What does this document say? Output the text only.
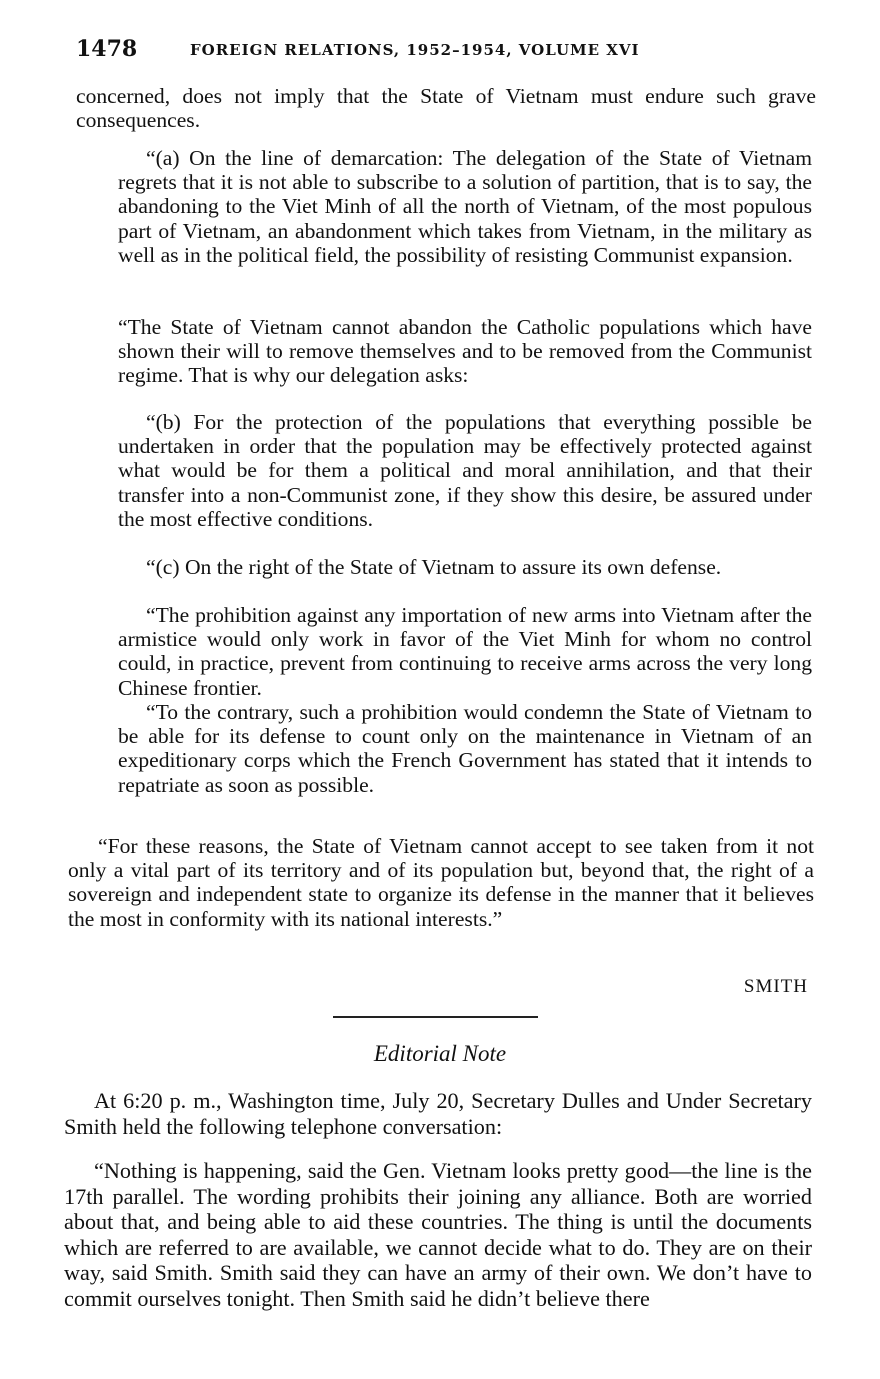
1478	FOREIGN RELATIONS, 1952–1954, VOLUME XVI

concerned, does not imply that the State of Vietnam must endure such grave consequences.

“(a) On the line of demarcation: The delegation of the State of Vietnam regrets that it is not able to subscribe to a solution of partition, that is to say, the abandoning to the Viet Minh of all the north of Vietnam, of the most populous part of Vietnam, an abandonment which takes from Vietnam, in the military as well as in the political field, the possibility of resisting Communist expansion.

“The State of Vietnam cannot abandon the Catholic populations which have shown their will to remove themselves and to be removed from the Communist regime. That is why our delegation asks:

“(b) For the protection of the populations that everything possible be undertaken in order that the population may be effectively protected against what would be for them a political and moral annihilation, and that their transfer into a non-Communist zone, if they show this desire, be assured under the most effective conditions.

“(c) On the right of the State of Vietnam to assure its own defense.

“The prohibition against any importation of new arms into Vietnam after the armistice would only work in favor of the Viet Minh for whom no control could, in practice, prevent from continuing to receive arms across the very long Chinese frontier.

“To the contrary, such a prohibition would condemn the State of Vietnam to be able for its defense to count only on the maintenance in Vietnam of an expeditionary corps which the French Government has stated that it intends to repatriate as soon as possible.

“For these reasons, the State of Vietnam cannot accept to see taken from it not only a vital part of its territory and of its population but, beyond that, the right of a sovereign and independent state to organize its defense in the manner that it believes the most in conformity with its national interests.”

SMITH
Editorial Note

At 6:20 p. m., Washington time, July 20, Secretary Dulles and Under Secretary Smith held the following telephone conversation:

“Nothing is happening, said the Gen. Vietnam looks pretty good—the line is the 17th parallel. The wording prohibits their joining any alliance. Both are worried about that, and being able to aid these countries. The thing is until the documents which are referred to are available, we cannot decide what to do. They are on their way, said Smith. Smith said they can have an army of their own. We don’t have to commit ourselves tonight. Then Smith said he didn’t believe there
